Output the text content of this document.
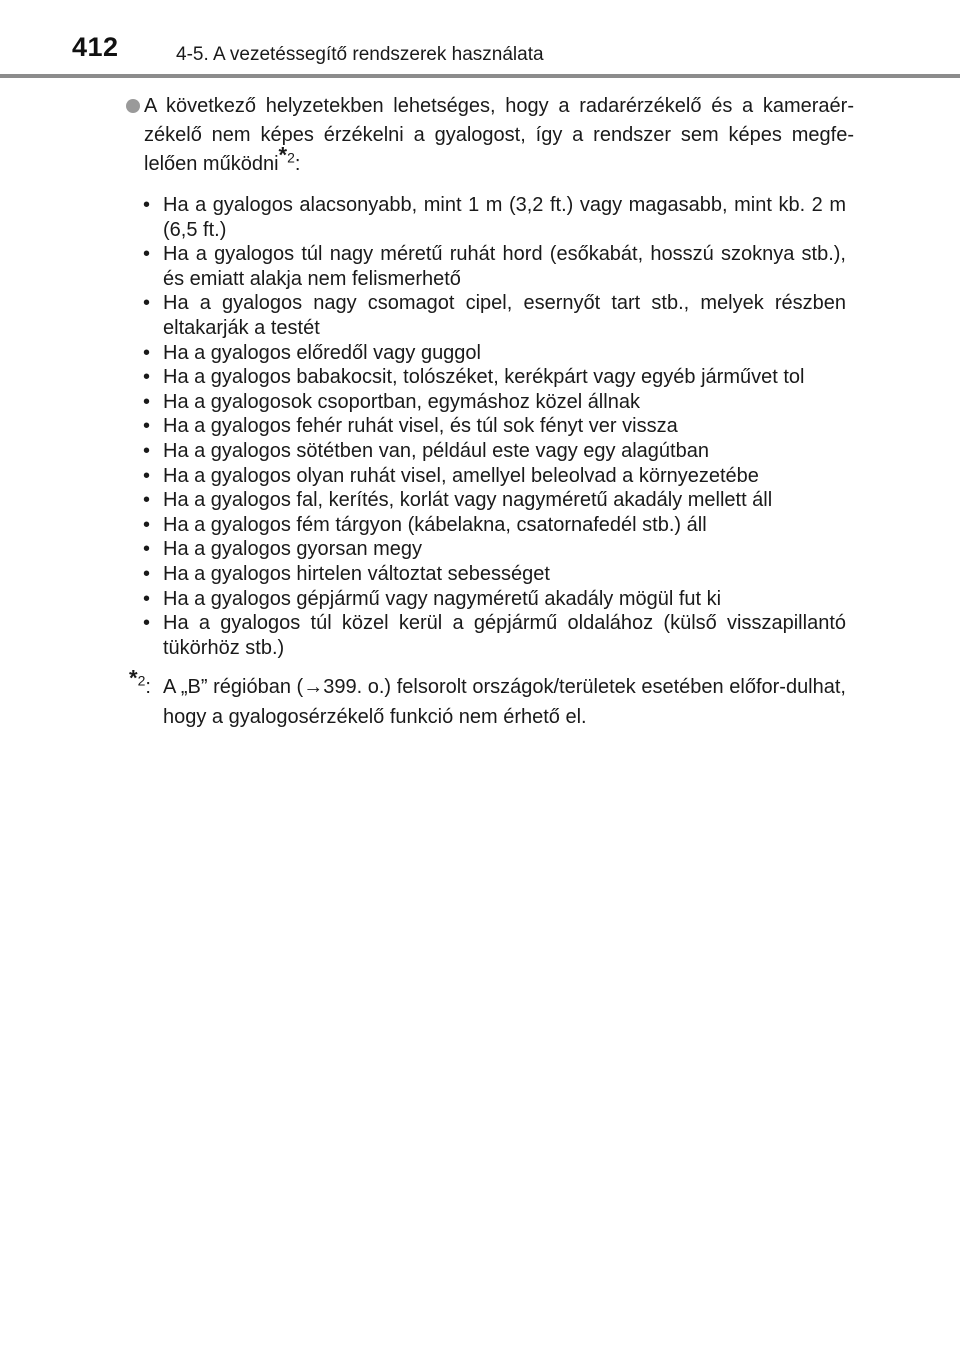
412	4-5. A vezetéssegítő rendszerek használata
A következő helyzetekben lehetséges, hogy a radarérzékelő és a kameraér-zékelő nem képes érzékelni a gyalogost, így a rendszer sem képes megfe-lelően működni*$^2$:
• Ha a gyalogos alacsonyabb, mint 1 m (3,2 ft.) vagy magasabb, mint kb. 2 m (6,5 ft.)
• Ha a gyalogos túl nagy méretű ruhát hord (esőkabát, hosszú szoknya stb.), és emiatt alakja nem felismerhető
• Ha a gyalogos nagy csomagot cipel, esernyőt tart stb., melyek részben eltakarják a testét
• Ha a gyalogos előredől vagy guggol
• Ha a gyalogos babakocsit, tolószéket, kerékpárt vagy egyéb járművet tol
• Ha a gyalogosok csoportban, egymáshoz közel állnak
• Ha a gyalogos fehér ruhát visel, és túl sok fényt ver vissza
• Ha a gyalogos sötétben van, például este vagy egy alagútban
• Ha a gyalogos olyan ruhát visel, amellyel beleolvad a környezetébe
• Ha a gyalogos fal, kerítés, korlát vagy nagyméretű akadály mellett áll
• Ha a gyalogos fém tárgyon (kábelakna, csatornafedél stb.) áll
• Ha a gyalogos gyorsan megy
• Ha a gyalogos hirtelen változtat sebességet
• Ha a gyalogos gépjármű vagy nagyméretű akadály mögül fut ki
• Ha a gyalogos túl közel kerül a gépjármű oldalához (külső visszapillantó tükörhöz stb.)
*$^2$: A „B” régióban (→399. o.) felsorolt országok/területek esetében előfor-dulhat, hogy a gyalogosérzékelő funkció nem érhető el.
